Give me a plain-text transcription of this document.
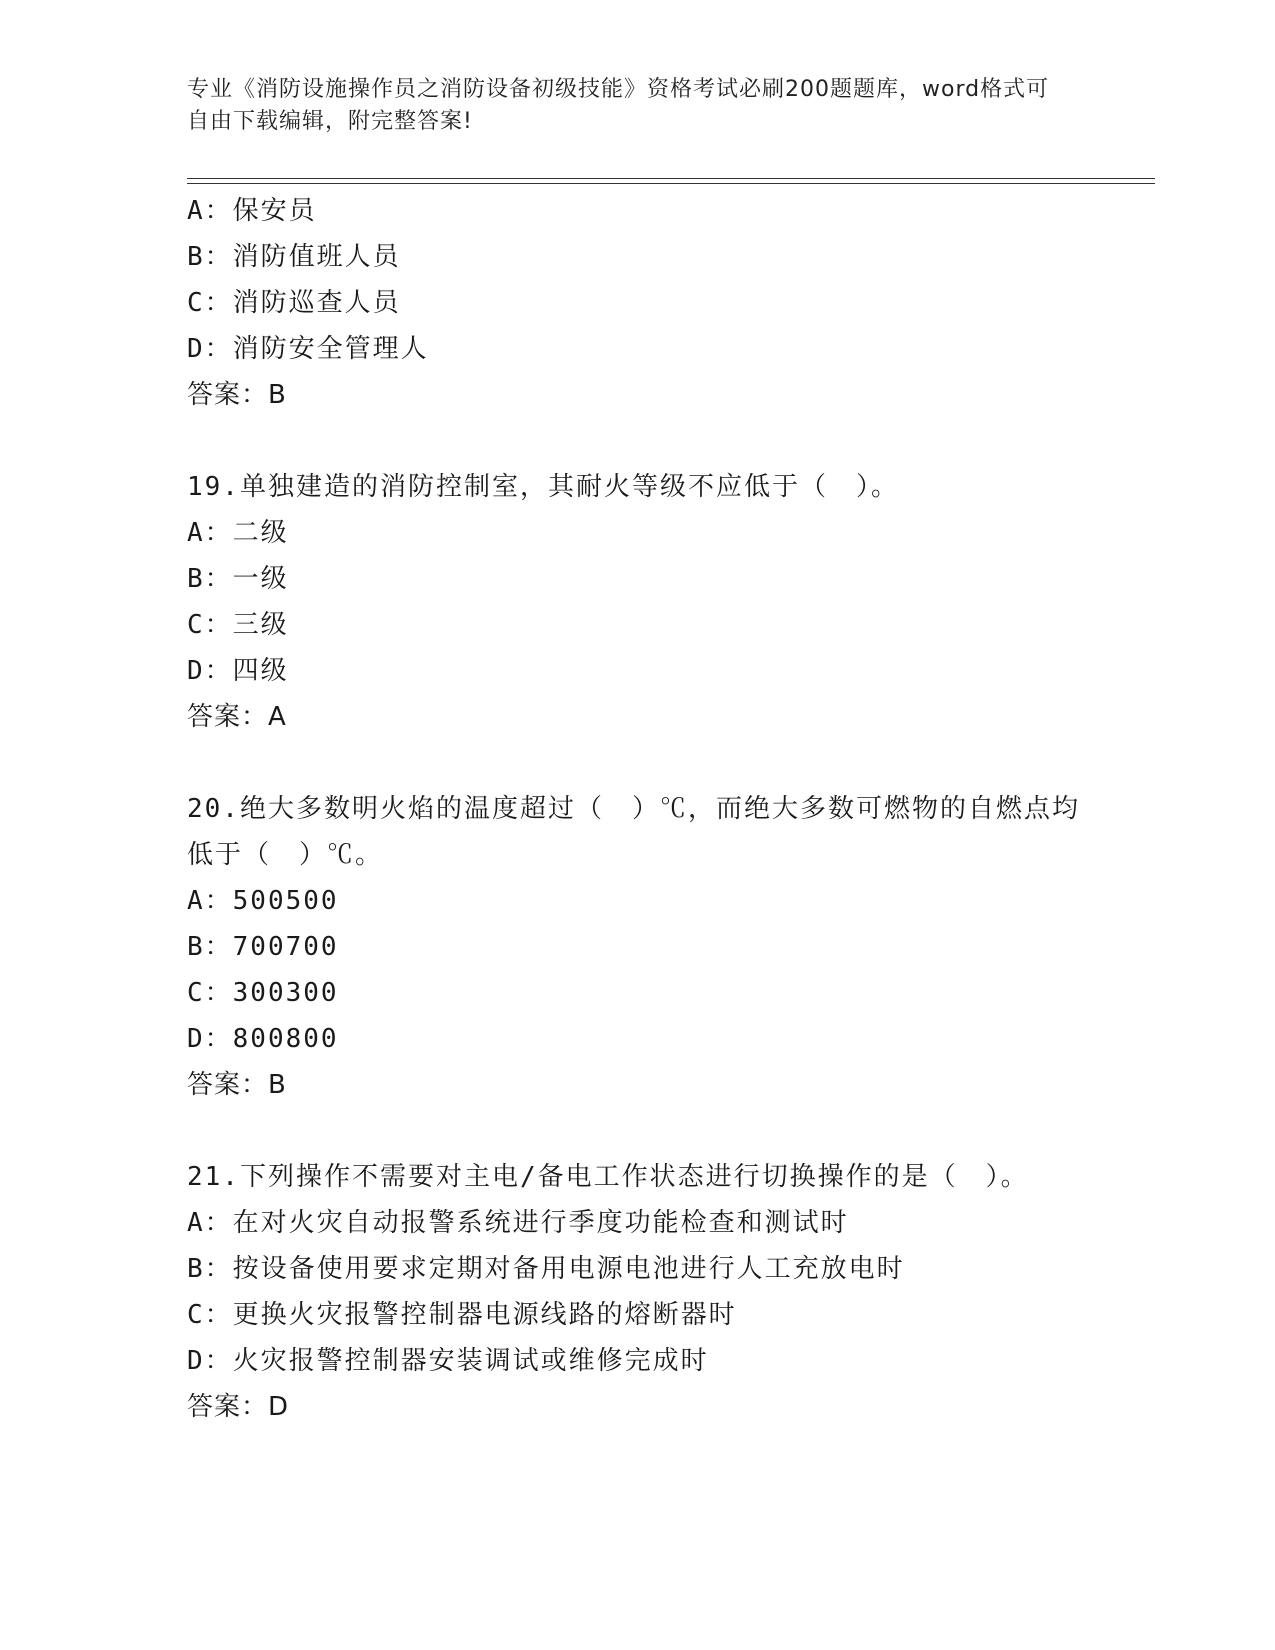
专业《消防设施操作员之消防设备初级技能》资格考试必刷200题题库，word格式可自由下载编辑，附完整答案!
A：保安员
B：消防值班人员
C：消防巡查人员
D：消防安全管理人
答案：B
19.单独建造的消防控制室，其耐火等级不应低于（　）。
A：二级
B：一级
C：三级
D：四级
答案：A
20.绝大多数明火焰的温度超过（　）℃，而绝大多数可燃物的自燃点均低于（　）℃。
A：500500
B：700700
C：300300
D：800800
答案：B
21.下列操作不需要对主电/备电工作状态进行切换操作的是（　）。
A：在对火灾自动报警系统进行季度功能检查和测试时
B：按设备使用要求定期对备用电源电池进行人工充放电时
C：更换火灾报警控制器电源线路的熔断器时
D：火灾报警控制器安装调试或维修完成时
答案：D
